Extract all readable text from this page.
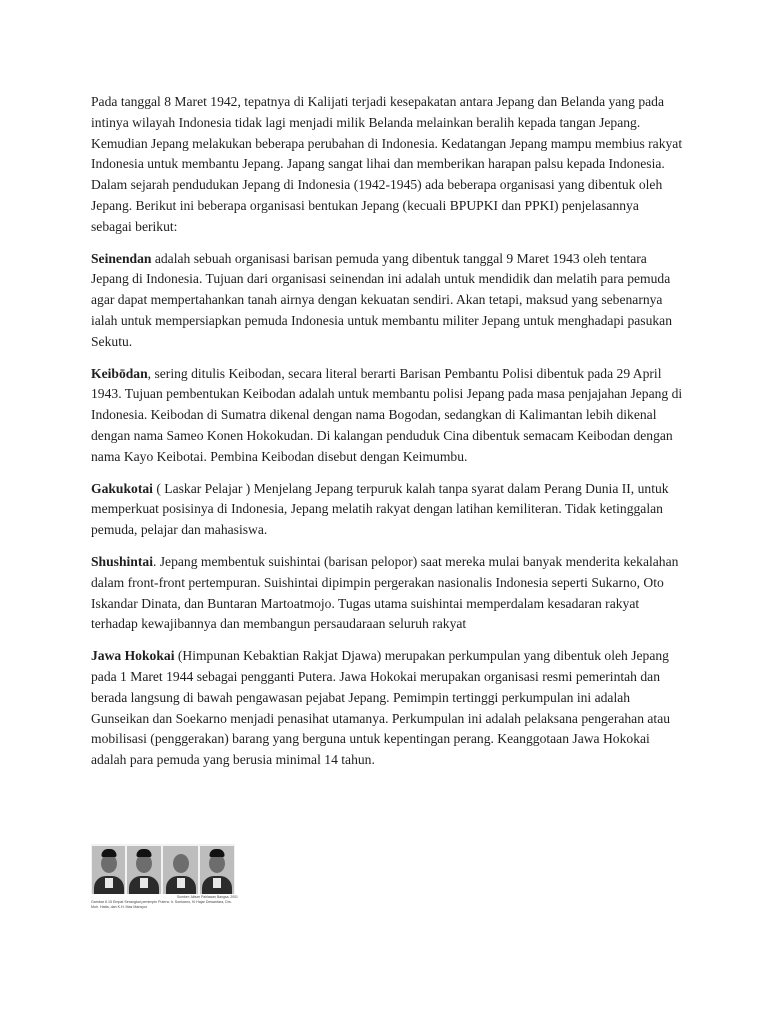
Pada tanggal 8 Maret 1942, tepatnya di Kalijati terjadi kesepakatan antara Jepang dan Belanda yang pada intinya wilayah Indonesia tidak lagi menjadi milik Belanda melainkan beralih kepada tangan Jepang. Kemudian Jepang melakukan beberapa perubahan di Indonesia. Kedatangan Jepang mampu membius rakyat Indonesia untuk membantu Jepang. Japang sangat lihai dan memberikan harapan palsu kepada Indonesia. Dalam sejarah pendudukan Jepang di Indonesia (1942-1945) ada beberapa organisasi yang dibentuk oleh Jepang. Berikut ini beberapa organisasi bentukan Jepang (kecuali BPUPKI dan PPKI) penjelasannya sebagai berikut:

Seinendan adalah sebuah organisasi barisan pemuda yang dibentuk tanggal 9 Maret 1943 oleh tentara Jepang di Indonesia. Tujuan dari organisasi seinendan ini adalah untuk mendidik dan melatih para pemuda agar dapat mempertahankan tanah airnya dengan kekuatan sendiri. Akan tetapi, maksud yang sebenarnya ialah untuk mempersiapkan pemuda Indonesia untuk membantu militer Jepang untuk menghadapi pasukan Sekutu.

Keibōdan, sering ditulis Keibodan, secara literal berarti Barisan Pembantu Polisi dibentuk pada 29 April 1943. Tujuan pembentukan Keibodan adalah untuk membantu polisi Jepang pada masa penjajahan Jepang di Indonesia. Keibodan di Sumatra dikenal dengan nama Bogodan, sedangkan di Kalimantan lebih dikenal dengan nama Sameo Konen Hokokudan. Di kalangan penduduk Cina dibentuk semacam Keibodan dengan nama Kayo Keibotai. Pembina Keibodan disebut dengan Keimumbu.

Gakukotai ( Laskar Pelajar ) Menjelang Jepang terpuruk kalah tanpa syarat dalam Perang Dunia II, untuk memperkuat posisinya di Indonesia, Jepang melatih rakyat dengan latihan kemiliteran. Tidak ketinggalan pemuda, pelajar dan mahasiswa.

Shushintai. Jepang membentuk suishintai (barisan pelopor) saat mereka mulai banyak menderita kekalahan dalam front-front pertempuran. Suishintai dipimpin pergerakan nasionalis Indonesia seperti Sukarno, Oto Iskandar Dinata, dan Buntaran Martoatmojo. Tugas utama suishintai memperdalam kesadaran rakyat terhadap kewajibannya dan membangun persaudaraan seluruh rakyat

Jawa Hokokai (Himpunan Kebaktian Rakjat Djawa) merupakan perkumpulan yang dibentuk oleh Jepang pada 1 Maret 1944 sebagai pengganti Putera. Jawa Hokokai merupakan organisasi resmi pemerintah dan berada langsung di bawah pengawasan pejabat Jepang. Pemimpin tertinggi perkumpulan ini adalah Gunseikan dan Soekarno menjadi penasihat utamanya. Perkumpulan ini adalah pelaksana pengerahan atau mobilisasi (penggerakan) barang yang berguna untuk kepentingan perang. Keanggotaan Jawa Hokokai adalah para pemuda yang berusia minimal 14 tahun.

Sumber: Album Pahlawan Bangsa, 2001
Gambar 6.15 Empat Serangkai pemimpin Putera: Ir. Soekarno, Ki Hajar Dewantara, Drs. Moh. Hatta, dan K.H. Mas Mansyur
